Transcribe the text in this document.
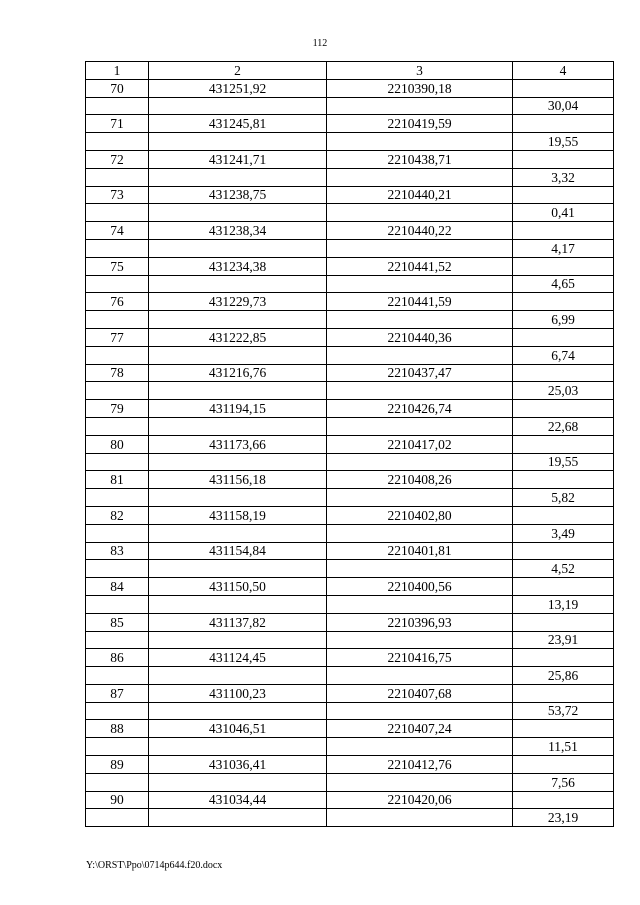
112
1	2	3	4
70	431251,92	2210390,18	
			30,04
71	431245,81	2210419,59	
			19,55
72	431241,71	2210438,71	
			3,32
73	431238,75	2210440,21	
			0,41
74	431238,34	2210440,22	
			4,17
75	431234,38	2210441,52	
			4,65
76	431229,73	2210441,59	
			6,99
77	431222,85	2210440,36	
			6,74
78	431216,76	2210437,47	
			25,03
79	431194,15	2210426,74	
			22,68
80	431173,66	2210417,02	
			19,55
81	431156,18	2210408,26	
			5,82
82	431158,19	2210402,80	
			3,49
83	431154,84	2210401,81	
			4,52
84	431150,50	2210400,56	
			13,19
85	431137,82	2210396,93	
			23,91
86	431124,45	2210416,75	
			25,86
87	431100,23	2210407,68	
			53,72
88	431046,51	2210407,24	
			11,51
89	431036,41	2210412,76	
			7,56
90	431034,44	2210420,06	
			23,19
Y:\ORST\Ppo\0714p644.f20.docx
